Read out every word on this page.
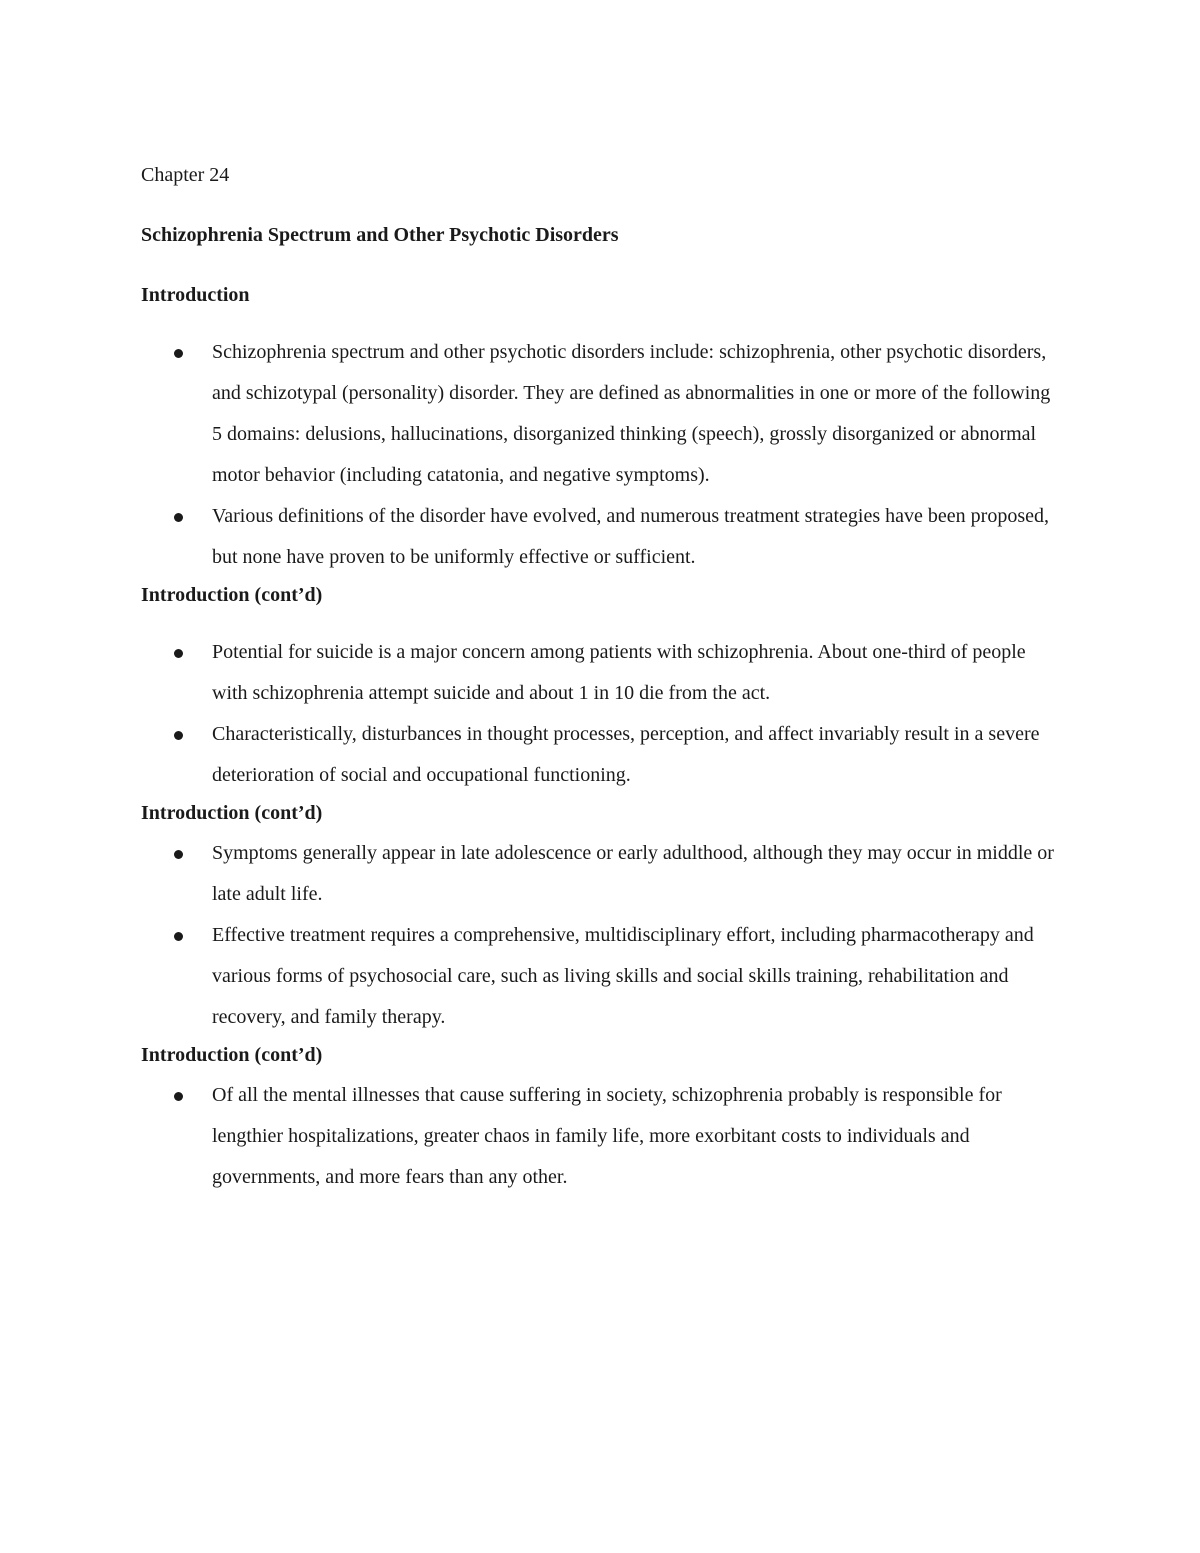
Chapter 24
Schizophrenia Spectrum and Other Psychotic Disorders
Introduction
Schizophrenia spectrum and other psychotic disorders include: schizophrenia, other psychotic disorders, and schizotypal (personality) disorder. They are defined as abnormalities in one or more of the following 5 domains: delusions, hallucinations, disorganized thinking (speech), grossly disorganized or abnormal motor behavior (including catatonia, and negative symptoms).
Various definitions of the disorder have evolved, and numerous treatment strategies have been proposed, but none have proven to be uniformly effective or sufficient.
Introduction (cont’d)
Potential for suicide is a major concern among patients with schizophrenia. About one-third of people with schizophrenia attempt suicide and about 1 in 10 die from the act.
Characteristically, disturbances in thought processes, perception, and affect invariably result in a severe deterioration of social and occupational functioning.
Introduction (cont’d)
Symptoms generally appear in late adolescence or early adulthood, although they may occur in middle or late adult life.
Effective treatment requires a comprehensive, multidisciplinary effort, including pharmacotherapy and various forms of psychosocial care, such as living skills and social skills training, rehabilitation and recovery, and family therapy.
Introduction (cont’d)
Of all the mental illnesses that cause suffering in society, schizophrenia probably is responsible for lengthier hospitalizations, greater chaos in family life, more exorbitant costs to individuals and governments, and more fears than any other.
